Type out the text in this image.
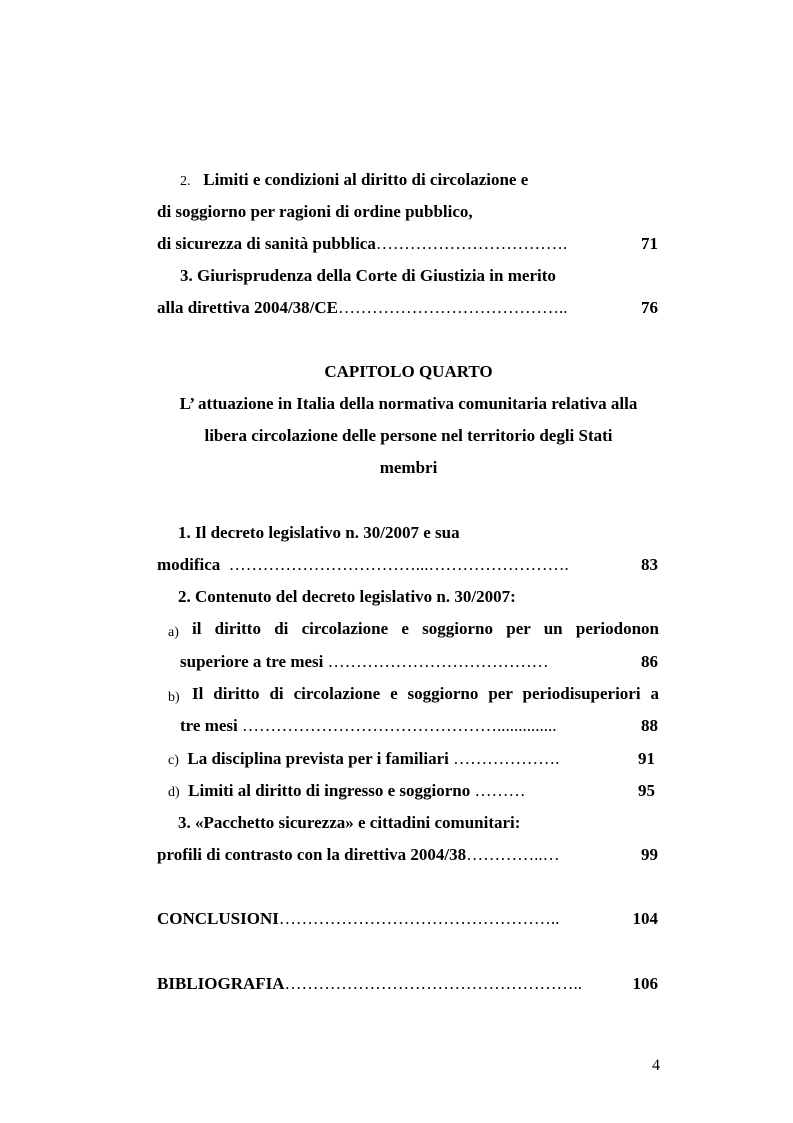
2. Limiti e condizioni al diritto di circolazione e
di soggiorno per ragioni di ordine pubblico,
di sicurezza di sanità pubblica…………………………….	71
3. Giurisprudenza della Corte di Giustizia in merito
alla direttiva 2004/38/CE…………………………………..	76
CAPITOLO QUARTO
L’ attuazione in Italia della normativa comunitaria relativa alla
libera circolazione delle persone nel territorio degli Stati
membri
1. Il decreto legislativo n. 30/2007 e sua
modifica ……………………………...…………………….	83
2. Contenuto del decreto legislativo n. 30/2007:
a) il diritto di circolazione e soggiorno per un periodonon
superiore a tre mesi …………………………………	86
b) Il diritto di circolazione e soggiorno per periodisuperiori a
tre mesi ………………………………………..............	88
c) La disciplina prevista per i familiari ……………….	91
d) Limiti al diritto di ingresso e soggiorno ………	95
3. «Pacchetto sicurezza» e cittadini comunitari:
profili di contrasto con la direttiva 2004/38…………..…	99
CONCLUSIONI…………………………………………..	104
BIBLIOGRAFIA……………………………………………..	106
4
